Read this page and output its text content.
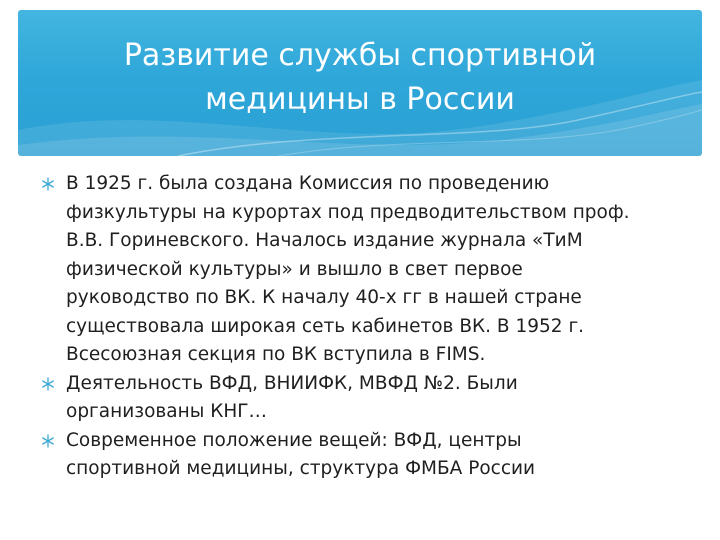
Развитие службы спортивной
медицины в России
В 1925 г. была создана Комиссия по проведению
физкультуры на курортах под предводительством проф.
В.В. Гориневского. Началось издание журнала «ТиМ
физической культуры» и вышло в свет первое
руководство по ВК. К началу 40-х гг в нашей стране
существовала широкая сеть кабинетов ВК. В 1952 г.
Всесоюзная секция по ВК вступила в FIMS.
Деятельность ВФД, ВНИИФК, МВФД №2. Были
организованы КНГ…
Современное положение вещей: ВФД, центры
спортивной медицины, структура ФМБА России
